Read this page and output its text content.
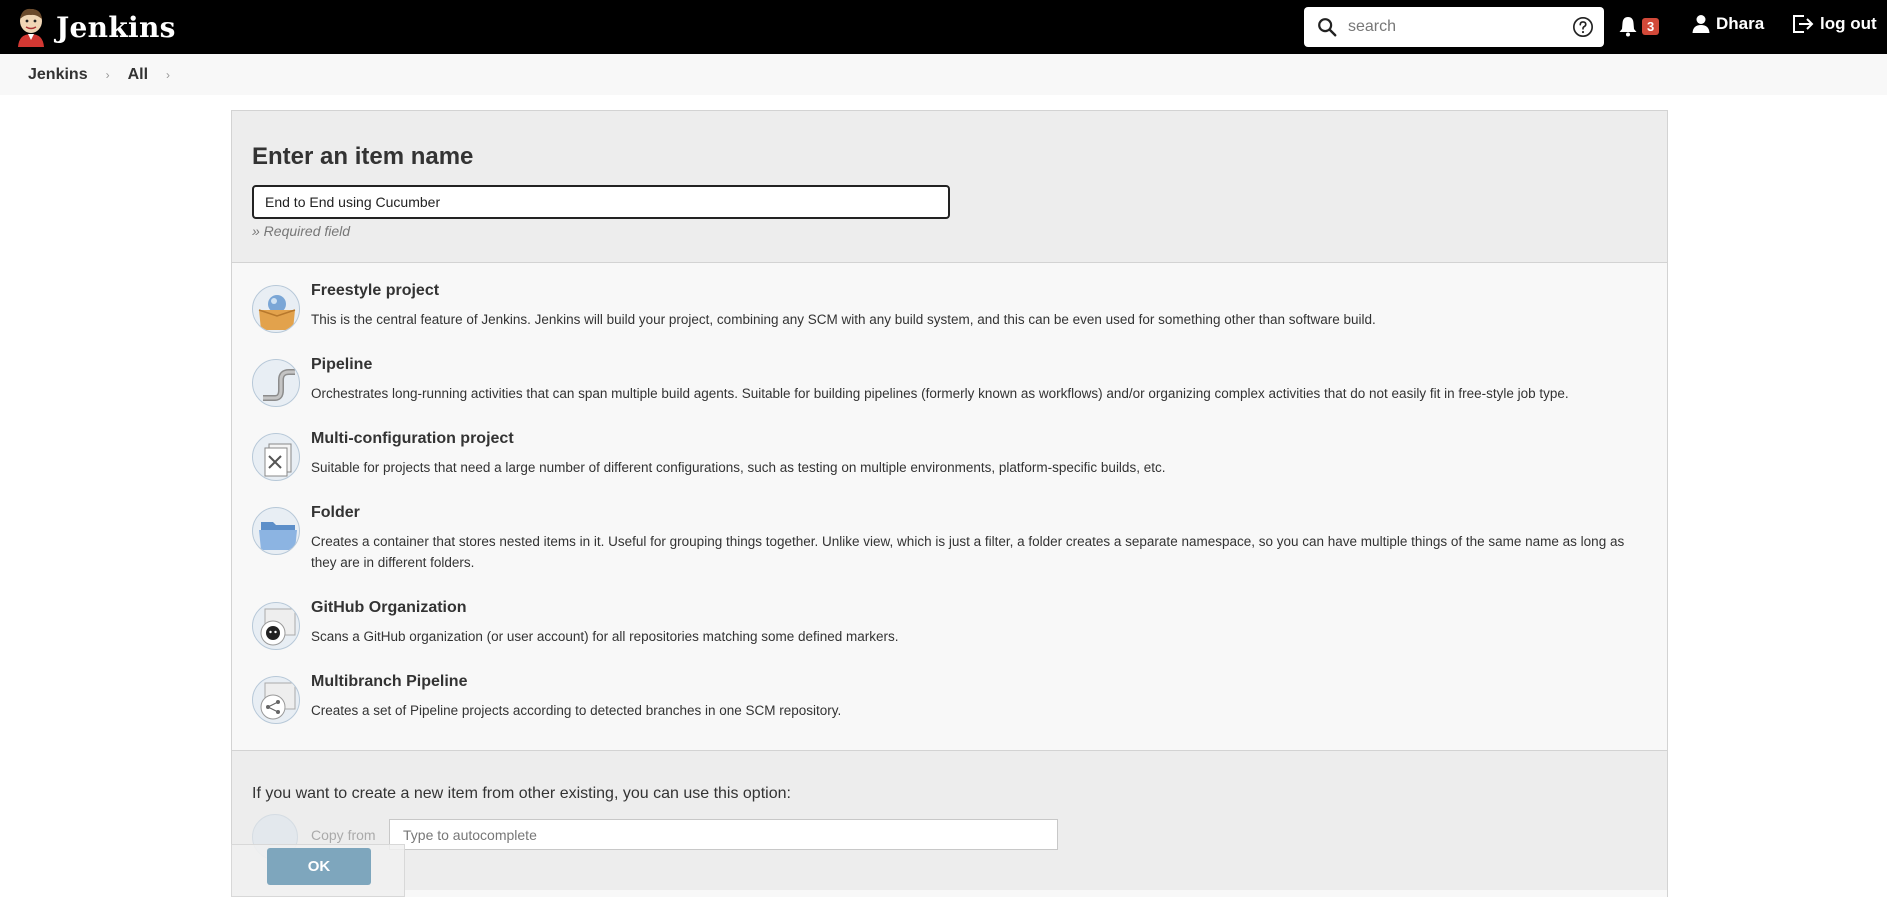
Jenkins
search	3	Dhara	log out
Jenkins › All ›
Enter an item name
End to End using Cucumber
» Required field
Freestyle project
This is the central feature of Jenkins. Jenkins will build your project, combining any SCM with any build system, and this can be even used for something other than software build.
Pipeline
Orchestrates long-running activities that can span multiple build agents. Suitable for building pipelines (formerly known as workflows) and/or organizing complex activities that do not easily fit in free-style job type.
Multi-configuration project
Suitable for projects that need a large number of different configurations, such as testing on multiple environments, platform-specific builds, etc.
Folder
Creates a container that stores nested items in it. Useful for grouping things together. Unlike view, which is just a filter, a folder creates a separate namespace, so you can have multiple things of the same name as long as they are in different folders.
GitHub Organization
Scans a GitHub organization (or user account) for all repositories matching some defined markers.
Multibranch Pipeline
Creates a set of Pipeline projects according to detected branches in one SCM repository.
If you want to create a new item from other existing, you can use this option:
Copy from
Type to autocomplete
OK
